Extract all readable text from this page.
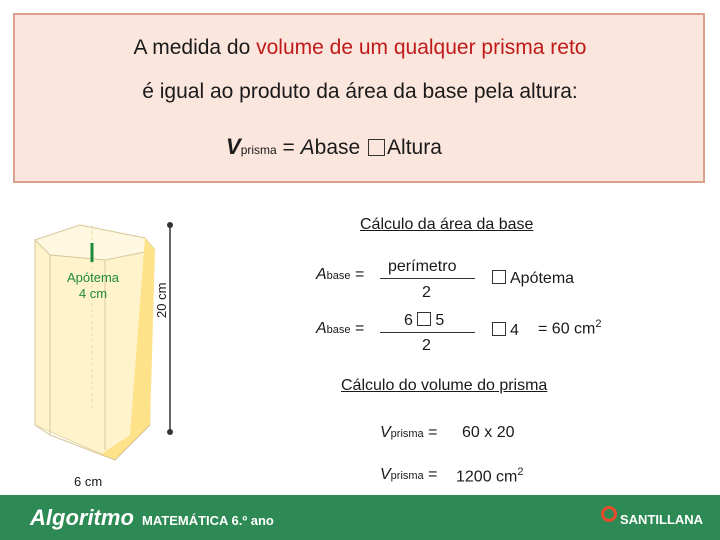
A medida do volume de um qualquer prisma reto
é igual ao produto da área da base pela altura:
Vprisma = Abase Altura
Apótema
4 cm	20 cm
6 cm
Cálculo da área da base
Abase = perímetro
2
Apótema
Abase = 6 5
2
4 = 60 $cm^2$
Cálculo do volume do prisma
Vprisma = 60 x 20
Vprisma = 1200 $cm^2$
Algoritmo MATEMÁTICA 6.º ano	SANTILLANA
